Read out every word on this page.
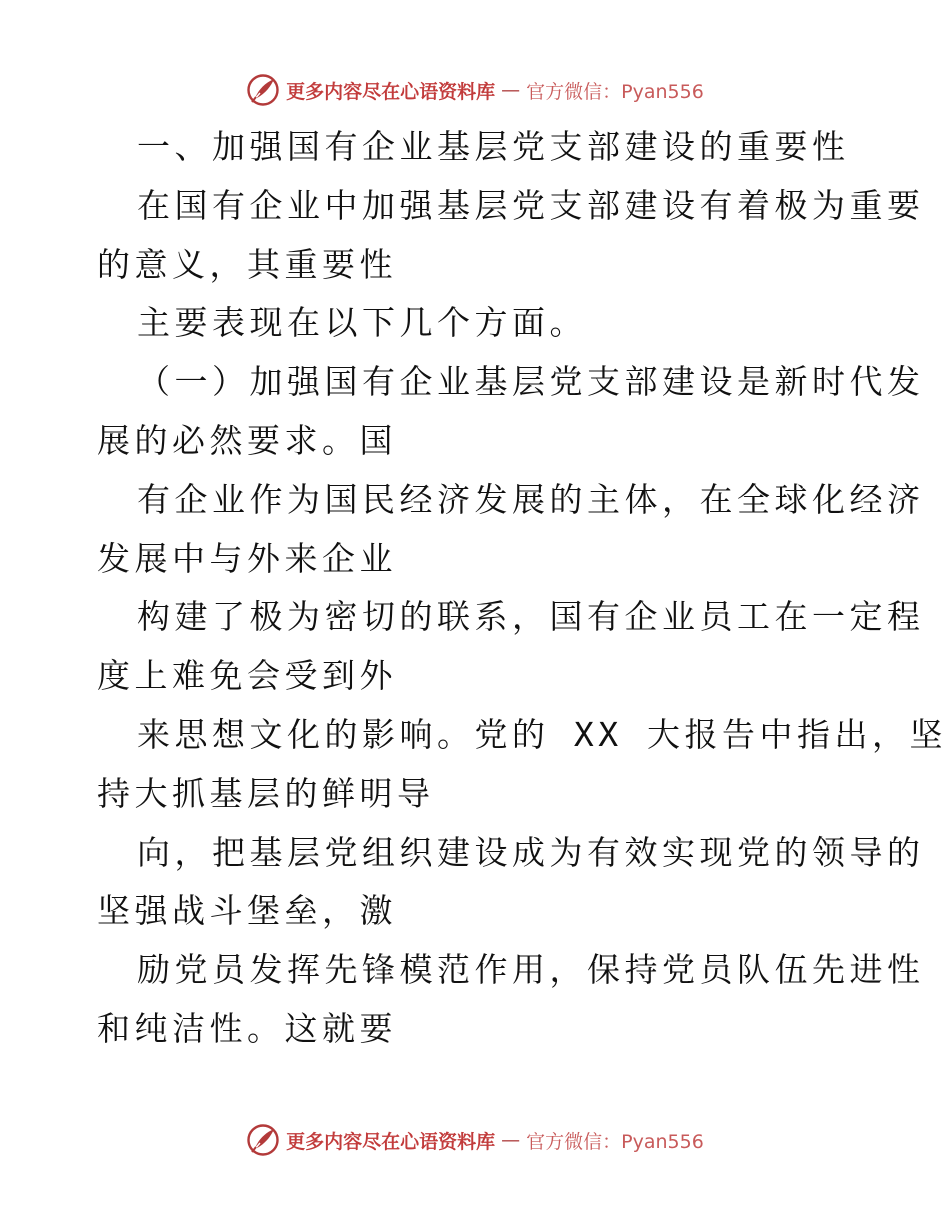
更多内容尽在心语资料库 — 官方微信：Pyan556
一、加强国有企业基层党支部建设的重要性
在国有企业中加强基层党支部建设有着极为重要
的意义，其重要性
主要表现在以下几个方面。
（一）加强国有企业基层党支部建设是新时代发
展的必然要求。国
有企业作为国民经济发展的主体，在全球化经济
发展中与外来企业
构建了极为密切的联系，国有企业员工在一定程
度上难免会受到外
来思想文化的影响。党的 XX 大报告中指出，坚
持大抓基层的鲜明导
向，把基层党组织建设成为有效实现党的领导的
坚强战斗堡垒，激
励党员发挥先锋模范作用，保持党员队伍先进性
和纯洁性。这就要
更多内容尽在心语资料库 — 官方微信：Pyan556
